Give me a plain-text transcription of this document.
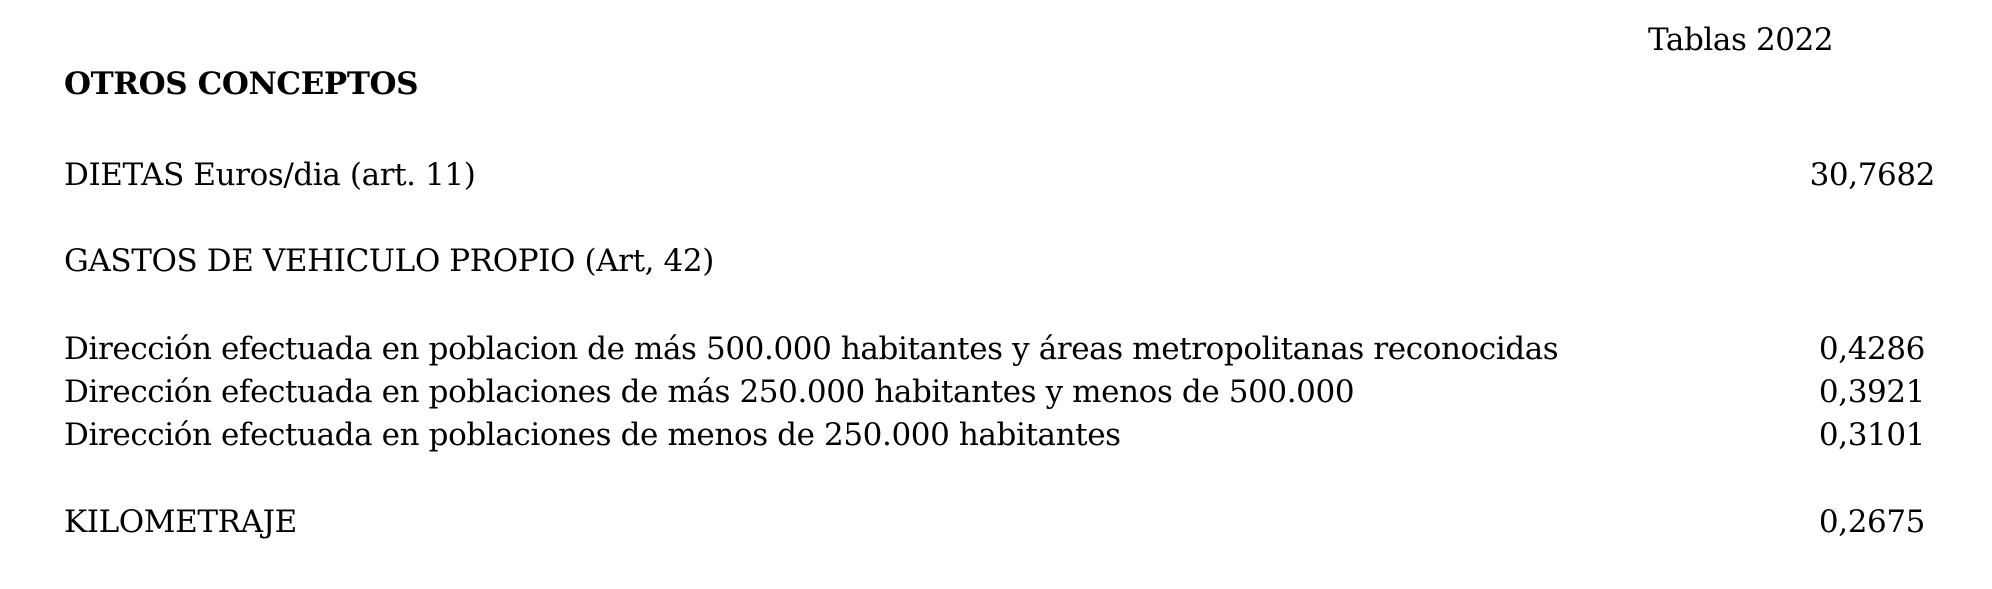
Tablas 2022
OTROS CONCEPTOS
DIETAS Euros/dia (art. 11)	30,7682
GASTOS DE VEHICULO PROPIO (Art, 42)
Dirección efectuada en poblacion de más 500.000 habitantes y áreas metropolitanas reconocidas	0,4286
Dirección efectuada en poblaciones de más 250.000 habitantes y menos de 500.000	0,3921
Dirección efectuada en poblaciones de menos de 250.000 habitantes	0,3101
KILOMETRAJE	0,2675
